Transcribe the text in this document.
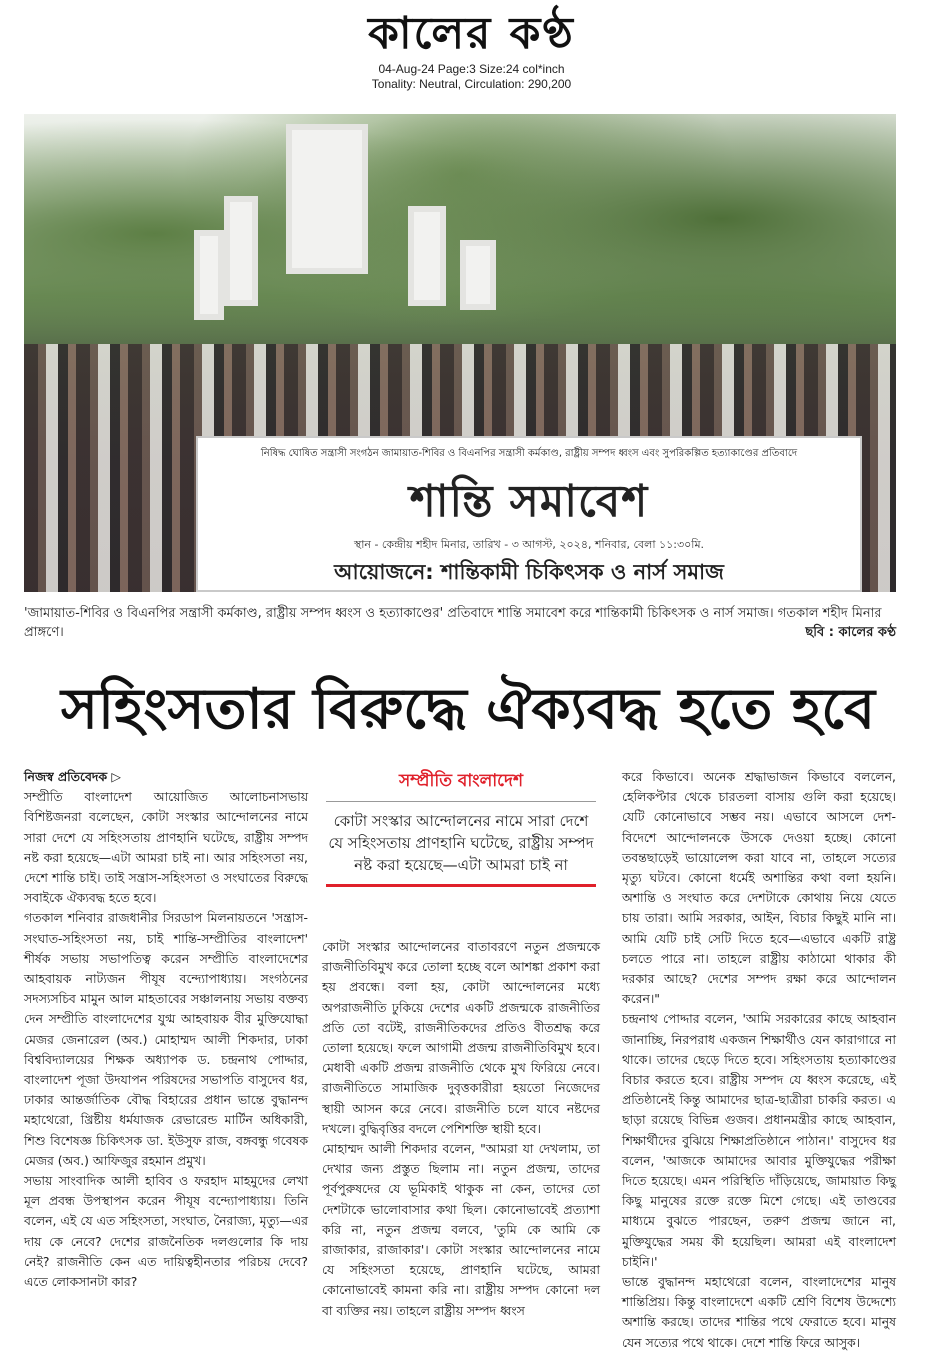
কালের কণ্ঠ
04-Aug-24 Page:3 Size:24 col*inch
Tonality: Neutral, Circulation: 290,200
নিষিদ্ধ ঘোষিত সন্ত্রাসী সংগঠন জামায়াত-শিবির ও বিএনপির সন্ত্রাসী কর্মকাণ্ড, রাষ্ট্রীয় সম্পদ ধ্বংস এবং সুপরিকল্পিত হত্যাকাণ্ডের প্রতিবাদে
শান্তি সমাবেশ
স্থান - কেন্দ্রীয় শহীদ মিনার, তারিখ - ৩ আগস্ট, ২০২৪, শনিবার, বেলা ১১:৩০মি.
আয়োজনে: শান্তিকামী চিকিৎসক ও নার্স সমাজ
'জামায়াত-শিবির ও বিএনপির সন্ত্রাসী কর্মকাণ্ড, রাষ্ট্রীয় সম্পদ ধ্বংস ও হত্যাকাণ্ডের' প্রতিবাদে শান্তি সমাবেশ করে শান্তিকামী চিকিৎসক ও নার্স সমাজ। গতকাল শহীদ মিনার প্রাঙ্গণে।	ছবি : কালের কণ্ঠ
সহিংসতার বিরুদ্ধে ঐক্যবদ্ধ হতে হবে

নিজস্ব প্রতিবেদক ▷

সম্প্রীতি বাংলাদেশ আয়োজিত আলোচনাসভায় বিশিষ্টজনরা বলেছেন, কোটা সংস্কার আন্দোলনের নামে সারা দেশে যে সহিংসতায় প্রাণহানি ঘটেছে, রাষ্ট্রীয় সম্পদ নষ্ট করা হয়েছে—এটা আমরা চাই না। আর সহিংসতা নয়, দেশে শান্তি চাই। তাই সন্ত্রাস-সহিংসতা ও সংঘাতের বিরুদ্ধে সবাইকে ঐক্যবদ্ধ হতে হবে।

গতকাল শনিবার রাজধানীর সিরডাপ মিলনায়তনে 'সন্ত্রাস-সংঘাত-সহিংসতা নয়, চাই শান্তি-সম্প্রীতির বাংলাদেশ' শীর্ষক সভায় সভাপতিত্ব করেন সম্প্রীতি বাংলাদেশের আহবায়ক নাট্যজন পীযূষ বন্দ্যোপাধ্যায়। সংগঠনের সদস্যসচিব মামুন আল মাহতাবের সঞ্চালনায় সভায় বক্তব্য দেন সম্প্রীতি বাংলাদেশের যুগ্ম আহবায়ক বীর মুক্তিযোদ্ধা মেজর জেনারেল (অব.) মোহাম্মদ আলী শিকদার, ঢাকা বিশ্ববিদ্যালয়ের শিক্ষক অধ্যাপক ড. চন্দ্রনাথ পোদ্দার, বাংলাদেশ পূজা উদযাপন পরিষদের সভাপতি বাসুদেব ধর, ঢাকার আন্তর্জাতিক বৌদ্ধ বিহারের প্রধান ভান্তে বুদ্ধানন্দ মহাথেরো, খ্রিষ্টীয় ধর্মযাজক রেভারেন্ড মার্টিন অধিকারী, শিশু বিশেষজ্ঞ চিকিৎসক ডা. ইউসুফ রাজ, বঙ্গবন্ধু গবেষক মেজর (অব.) আফিজুর রহমান প্রমুখ।

সভায় সাংবাদিক আলী হাবিব ও ফরহাদ মাহমুদের লেখা মূল প্রবন্ধ উপস্থাপন করেন পীযূষ বন্দ্যোপাধ্যায়। তিনি বলেন, এই যে এত সহিংসতা, সংঘাত, নৈরাজ্য, মৃত্যু—এর দায় কে নেবে? দেশের রাজনৈতিক দলগুলোর কি দায় নেই? রাজনীতি কেন এত দায়িত্বহীনতার পরিচয় দেবে? এতে লোকসানটা কার?

সম্প্রীতি বাংলাদেশ
কোটা সংস্কার আন্দোলনের নামে সারা দেশে যে সহিংসতায় প্রাণহানি ঘটেছে, রাষ্ট্রীয় সম্পদ নষ্ট করা হয়েছে—এটা আমরা চাই না

কোটা সংস্কার আন্দোলনের বাতাবরণে নতুন প্রজন্মকে রাজনীতিবিমুখ করে তোলা হচ্ছে বলে আশঙ্কা প্রকাশ করা হয় প্রবন্ধে। বলা হয়, কোটা আন্দোলনের মধ্যে অপরাজনীতি ঢুকিয়ে দেশের একটি প্রজন্মকে রাজনীতির প্রতি তো বটেই, রাজনীতিকদের প্রতিও বীতশ্রদ্ধ করে তোলা হয়েছে। ফলে আগামী প্রজন্ম রাজনীতিবিমুখ হবে। মেধাবী একটি প্রজন্ম রাজনীতি থেকে মুখ ফিরিয়ে নেবে। রাজনীতিতে সামাজিক দুবৃত্তকারীরা হয়তো নিজেদের স্থায়ী আসন করে নেবে। রাজনীতি চলে যাবে নষ্টদের দখলে। বুদ্ধিবৃত্তির বদলে পেশিশক্তি স্থায়ী হবে।

মোহাম্মদ আলী শিকদার বলেন, "আমরা যা দেখলাম, তা দেখার জন্য প্রস্তুত ছিলাম না। নতুন প্রজন্ম, তাদের পূর্বপুরুষদের যে ভূমিকাই থাকুক না কেন, তাদের তো দেশটাকে ভালোবাসার কথা ছিল। কোনোভাবেই প্রত্যাশা করি না, নতুন প্রজন্ম বলবে, 'তুমি কে আমি কে রাজাকার, রাজাকার'। কোটা সংস্কার আন্দোলনের নামে যে সহিংসতা হয়েছে, প্রাণহানি ঘটেছে, আমরা কোনোভাবেই কামনা করি না। রাষ্ট্রীয় সম্পদ কোনো দল বা ব্যক্তির নয়। তাহলে রাষ্ট্রীয় সম্পদ ধ্বংস

করে কিভাবে। অনেক শ্রদ্ধাভাজন কিভাবে বললেন, হেলিকপ্টার থেকে চারতলা বাসায় গুলি করা হয়েছে। যেটি কোনোভাবে সম্ভব নয়। এভাবে আসলে দেশ-বিদেশে আন্দোলনকে উসকে দেওয়া হচ্ছে। কোনো তবন্তছাড়েই ভায়োলেন্স করা যাবে না, তাহলে সত্যের মৃত্যু ঘটবে। কোনো ধর্মেই অশান্তির কথা বলা হয়নি। অশান্তি ও সংঘাত করে দেশটাকে কোথায় নিয়ে যেতে চায় তারা। আমি সরকার, আইন, বিচার কিছুই মানি না। আমি যেটি চাই সেটি দিতে হবে—এভাবে একটি রাষ্ট্র চলতে পারে না। তাহলে রাষ্ট্রীয় কাঠামো থাকার কী দরকার আছে? দেশের সম্পদ রক্ষা করে আন্দোলন করেন।"

চন্দ্রনাথ পোদ্দার বলেন, 'আমি সরকারের কাছে আহবান জানাচ্ছি, নিরপরাধ একজন শিক্ষার্থীও যেন কারাগারে না থাকে। তাদের ছেড়ে দিতে হবে। সহিংসতায় হত্যাকাণ্ডের বিচার করতে হবে। রাষ্ট্রীয় সম্পদ যে ধ্বংস করেছে, এই প্রতিষ্ঠানেই কিন্তু আমাদের ছাত্র-ছাত্রীরা চাকরি করত। এ ছাড়া রয়েছে বিভিন্ন গুজব। প্রধানমন্ত্রীর কাছে আহবান, শিক্ষার্থীদের বুঝিয়ে শিক্ষাপ্রতিষ্ঠানে পাঠান।' বাসুদেব ধর বলেন, 'আজকে আমাদের আবার মুক্তিযুদ্ধের পরীক্ষা দিতে হয়েছে। এমন পরিস্থিতি দাঁড়িয়েছে, জামায়াত কিছু কিছু মানুষের রক্তে রক্তে মিশে গেছে। এই তাণ্ডবের মাধ্যমে বুঝতে পারছেন, তরুণ প্রজন্ম জানে না, মুক্তিযুদ্ধের সময় কী হয়েছিল। আমরা এই বাংলাদেশ চাইনি।'

ভান্তে বুদ্ধানন্দ মহাথেরো বলেন, বাংলাদেশের মানুষ শান্তিপ্রিয়। কিন্তু বাংলাদেশে একটি শ্রেণি বিশেষ উদ্দেশ্যে অশান্তি করছে। তাদের শান্তির পথে ফেরাতে হবে। মানুষ যেন সত্যের পথে থাকে। দেশে শান্তি ফিরে আসুক।
